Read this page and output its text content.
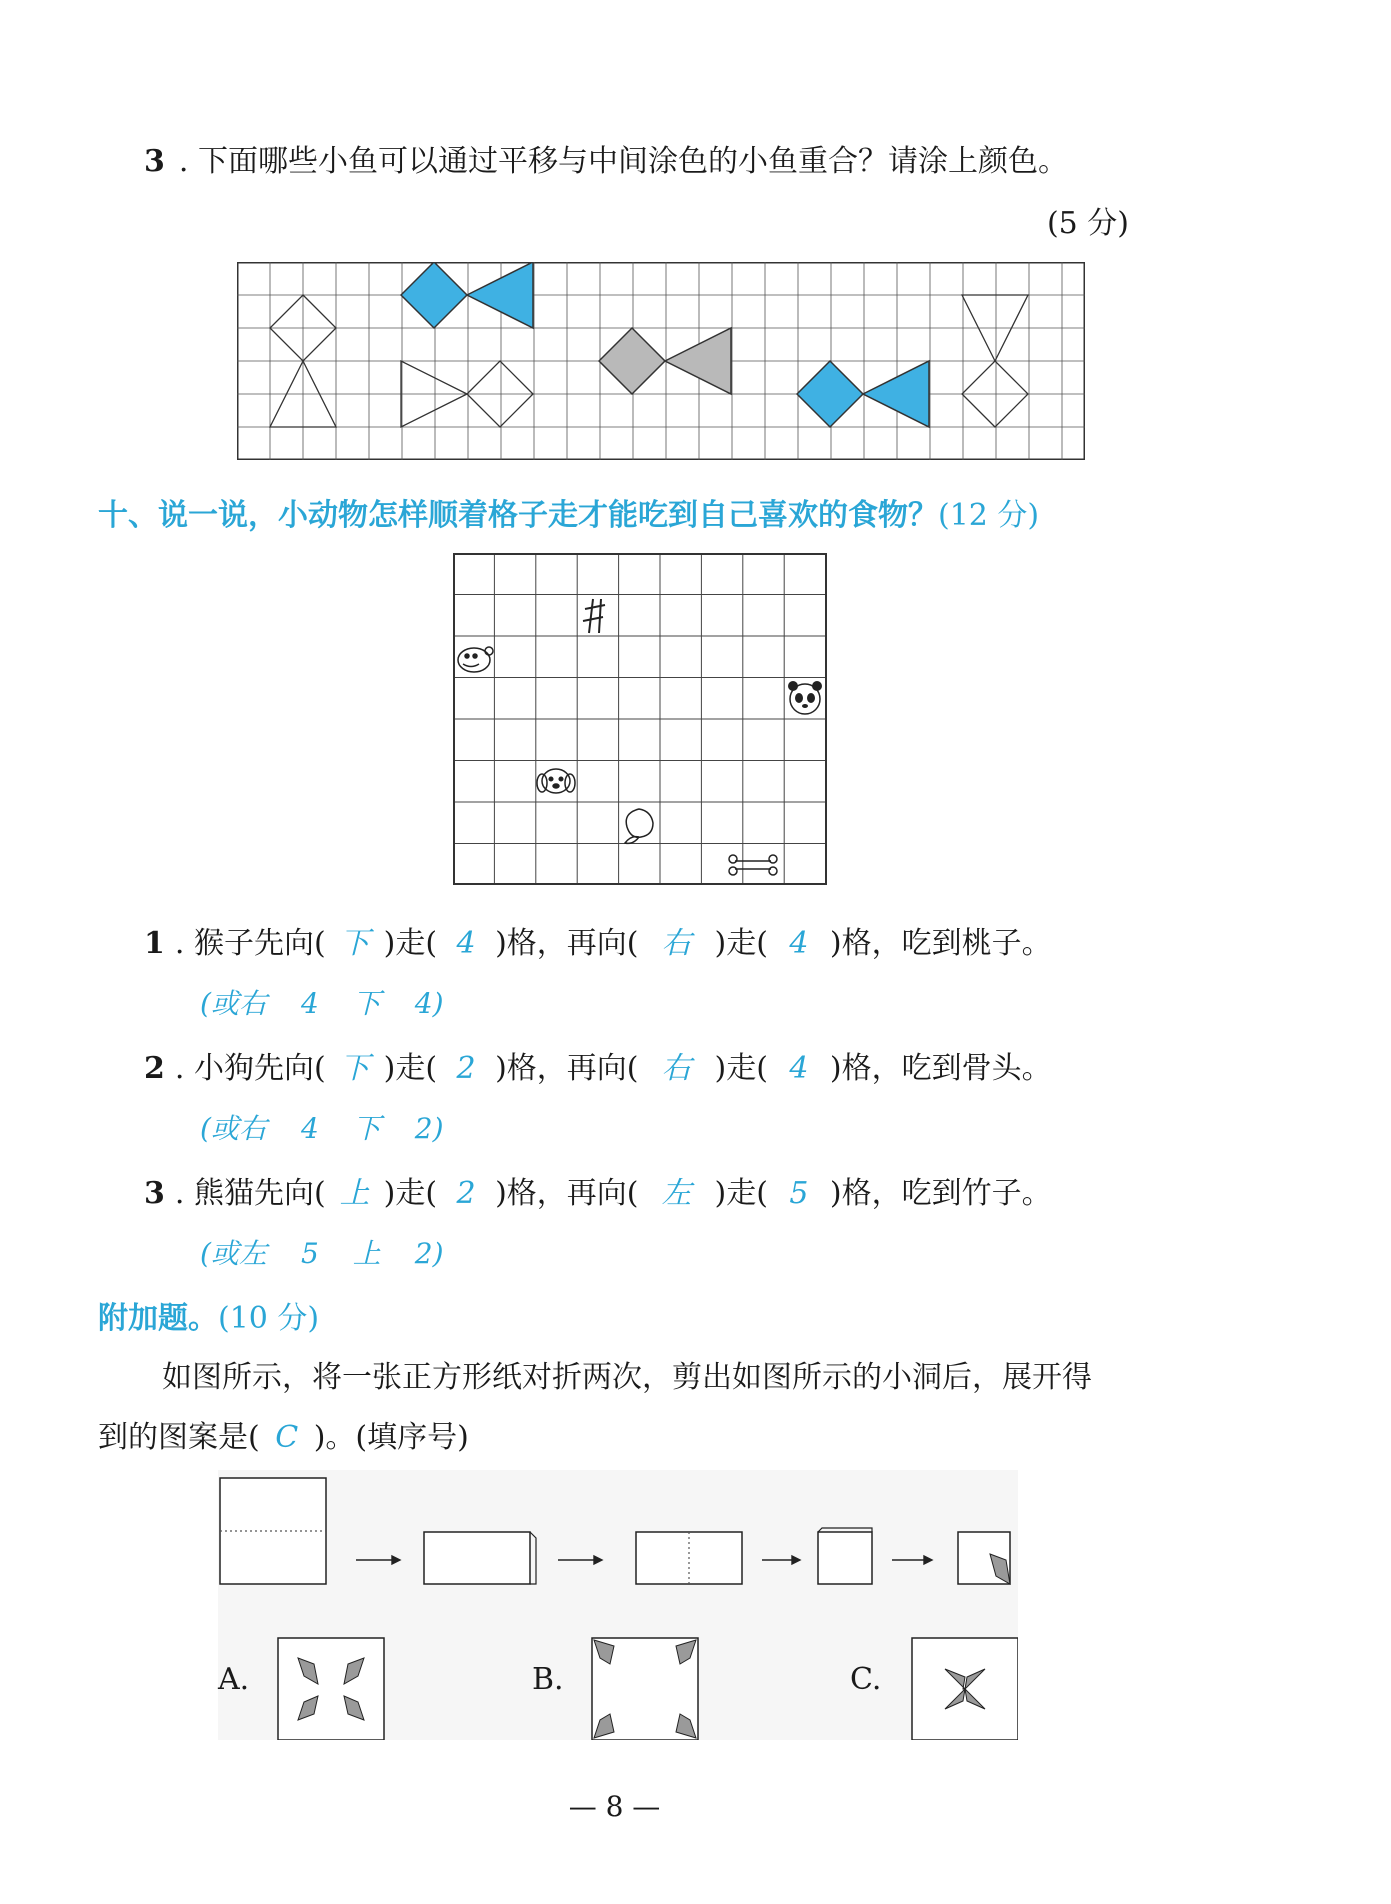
3 . 下面哪些小鱼可以通过平移与中间涂色的小鱼重合？请涂上颜色。
(5 分)
十、说一说，小动物怎样顺着格子走才能吃到自己喜欢的食物？(12 分)
1 . 猴子先向( 下 )走( 4 )格，再向( 右 )走( 4 )格，吃到桃子。
(或右 4 下 4)
2 . 小狗先向( 下 )走( 2 )格，再向( 右 )走( 4 )格，吃到骨头。
(或右 4 下 2)
3 . 熊猫先向( 上 )走( 2 )格，再向( 左 )走( 5 )格，吃到竹子。
(或左 5 上 2)
附加题。(10 分)
如图所示，将一张正方形纸对折两次，剪出如图所示的小洞后，展开得
到的图案是( C )。(填序号)
A.	B.	C.
— 8 —
